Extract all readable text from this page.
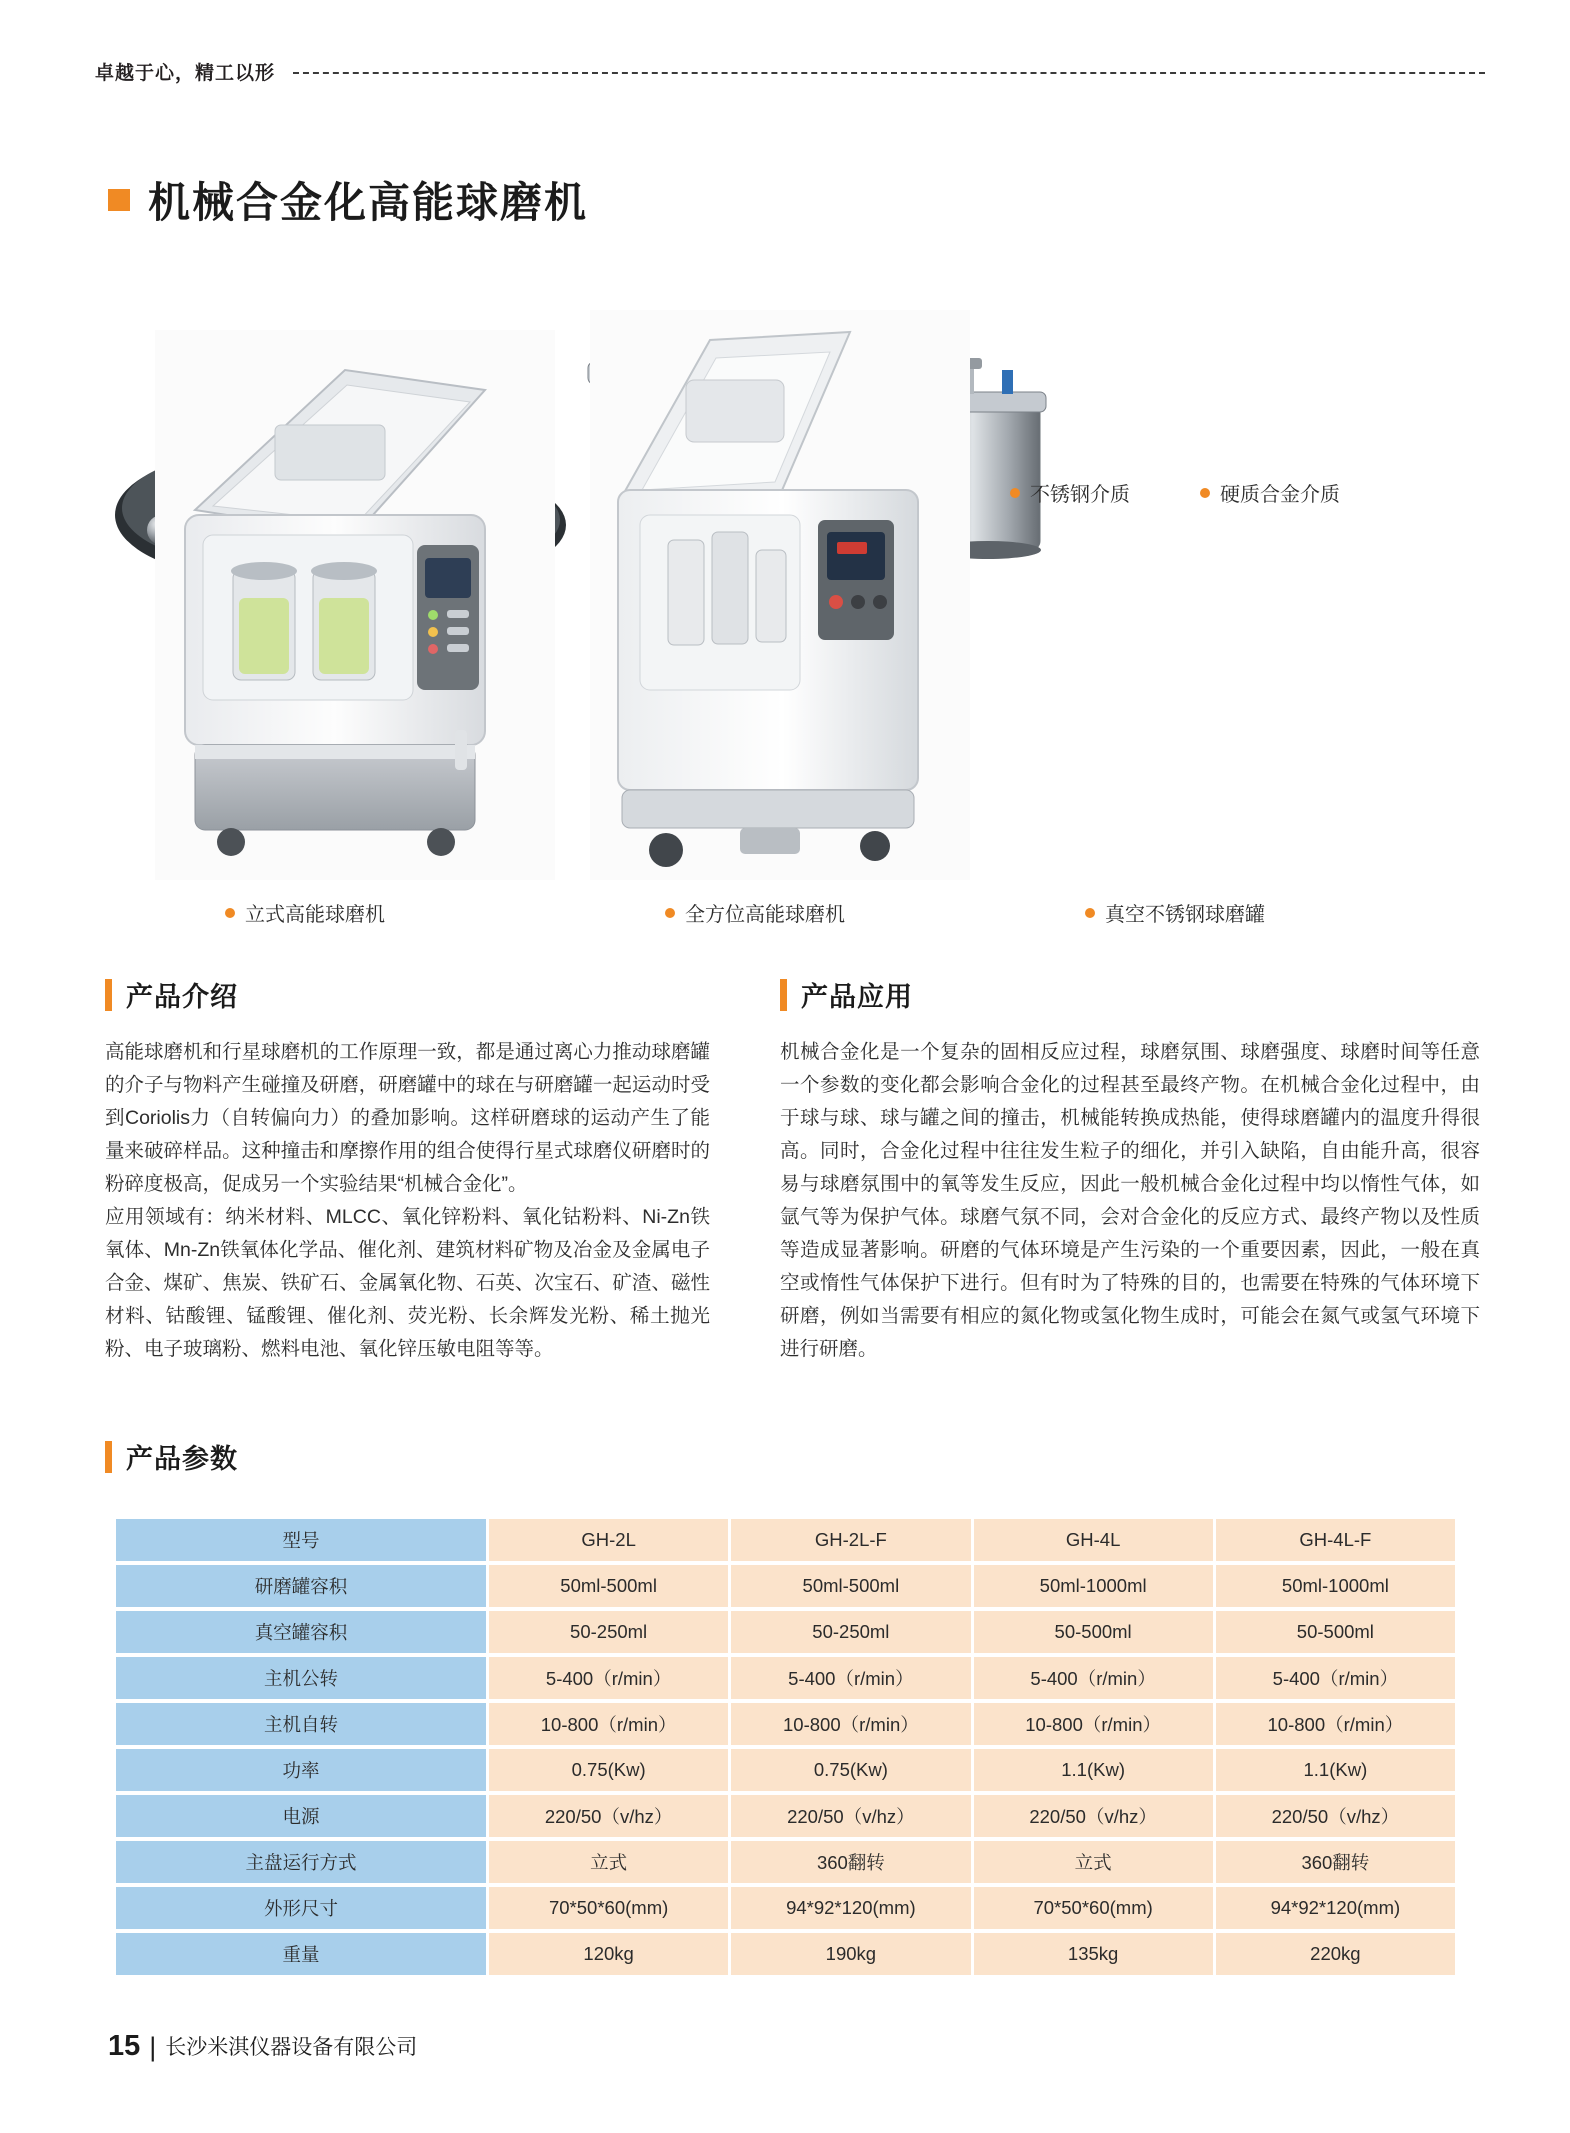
卓越于心，精工以形
机械合金化高能球磨机

不锈钢介质	硬质合金介质
立式高能球磨机	全方位高能球磨机	真空不锈钢球磨罐
产品介绍

高能球磨机和行星球磨机的工作原理一致，都是通过离心力推动球磨罐的介子与物料产生碰撞及研磨，研磨罐中的球在与研磨罐一起运动时受到Coriolis力（自转偏向力）的叠加影响。这样研磨球的运动产生了能量来破碎样品。这种撞击和摩擦作用的组合使得行星式球磨仪研磨时的粉碎度极高，促成另一个实验结果“机械合金化”。

应用领域有：纳米材料、MLCC、氧化锌粉料、氧化钴粉料、Ni-Zn铁氧体、Mn-Zn铁氧体化学品、催化剂、建筑材料矿物及冶金及金属电子合金、煤矿、焦炭、铁矿石、金属氧化物、石英、次宝石、矿渣、磁性材料、钴酸锂、锰酸锂、催化剂、荧光粉、长余辉发光粉、稀土抛光粉、电子玻璃粉、燃料电池、氧化锌压敏电阻等等。

产品应用

机械合金化是一个复杂的固相反应过程，球磨氛围、球磨强度、球磨时间等任意一个参数的变化都会影响合金化的过程甚至最终产物。在机械合金化过程中，由于球与球、球与罐之间的撞击，机械能转换成热能，使得球磨罐内的温度升得很高。同时，合金化过程中往往发生粒子的细化，并引入缺陷，自由能升高，很容易与球磨氛围中的氧等发生反应，因此一般机械合金化过程中均以惰性气体，如氩气等为保护气体。球磨气氛不同，会对合金化的反应方式、最终产物以及性质等造成显著影响。研磨的气体环境是产生污染的一个重要因素，因此，一般在真空或惰性气体保护下进行。但有时为了特殊的目的，也需要在特殊的气体环境下研磨，例如当需要有相应的氮化物或氢化物生成时，可能会在氮气或氢气环境下进行研磨。

产品参数
型号	GH-2L	GH-2L-F	GH-4L	GH-4L-F
研磨罐容积	50ml-500ml	50ml-500ml	50ml-1000ml	50ml-1000ml
真空罐容积	50-250ml	50-250ml	50-500ml	50-500ml
主机公转	5-400（r/min）	5-400（r/min）	5-400（r/min）	5-400（r/min）
主机自转	10-800（r/min）	10-800（r/min）	10-800（r/min）	10-800（r/min）
功率	0.75(Kw)	0.75(Kw)	1.1(Kw)	1.1(Kw)
电源	220/50（v/hz）	220/50（v/hz）	220/50（v/hz）	220/50（v/hz）
主盘运行方式	立式	360翻转	立式	360翻转
外形尺寸	70*50*60(mm)	94*92*120(mm)	70*50*60(mm)	94*92*120(mm)
重量	120kg	190kg	135kg	220kg
15 | 长沙米淇仪器设备有限公司
